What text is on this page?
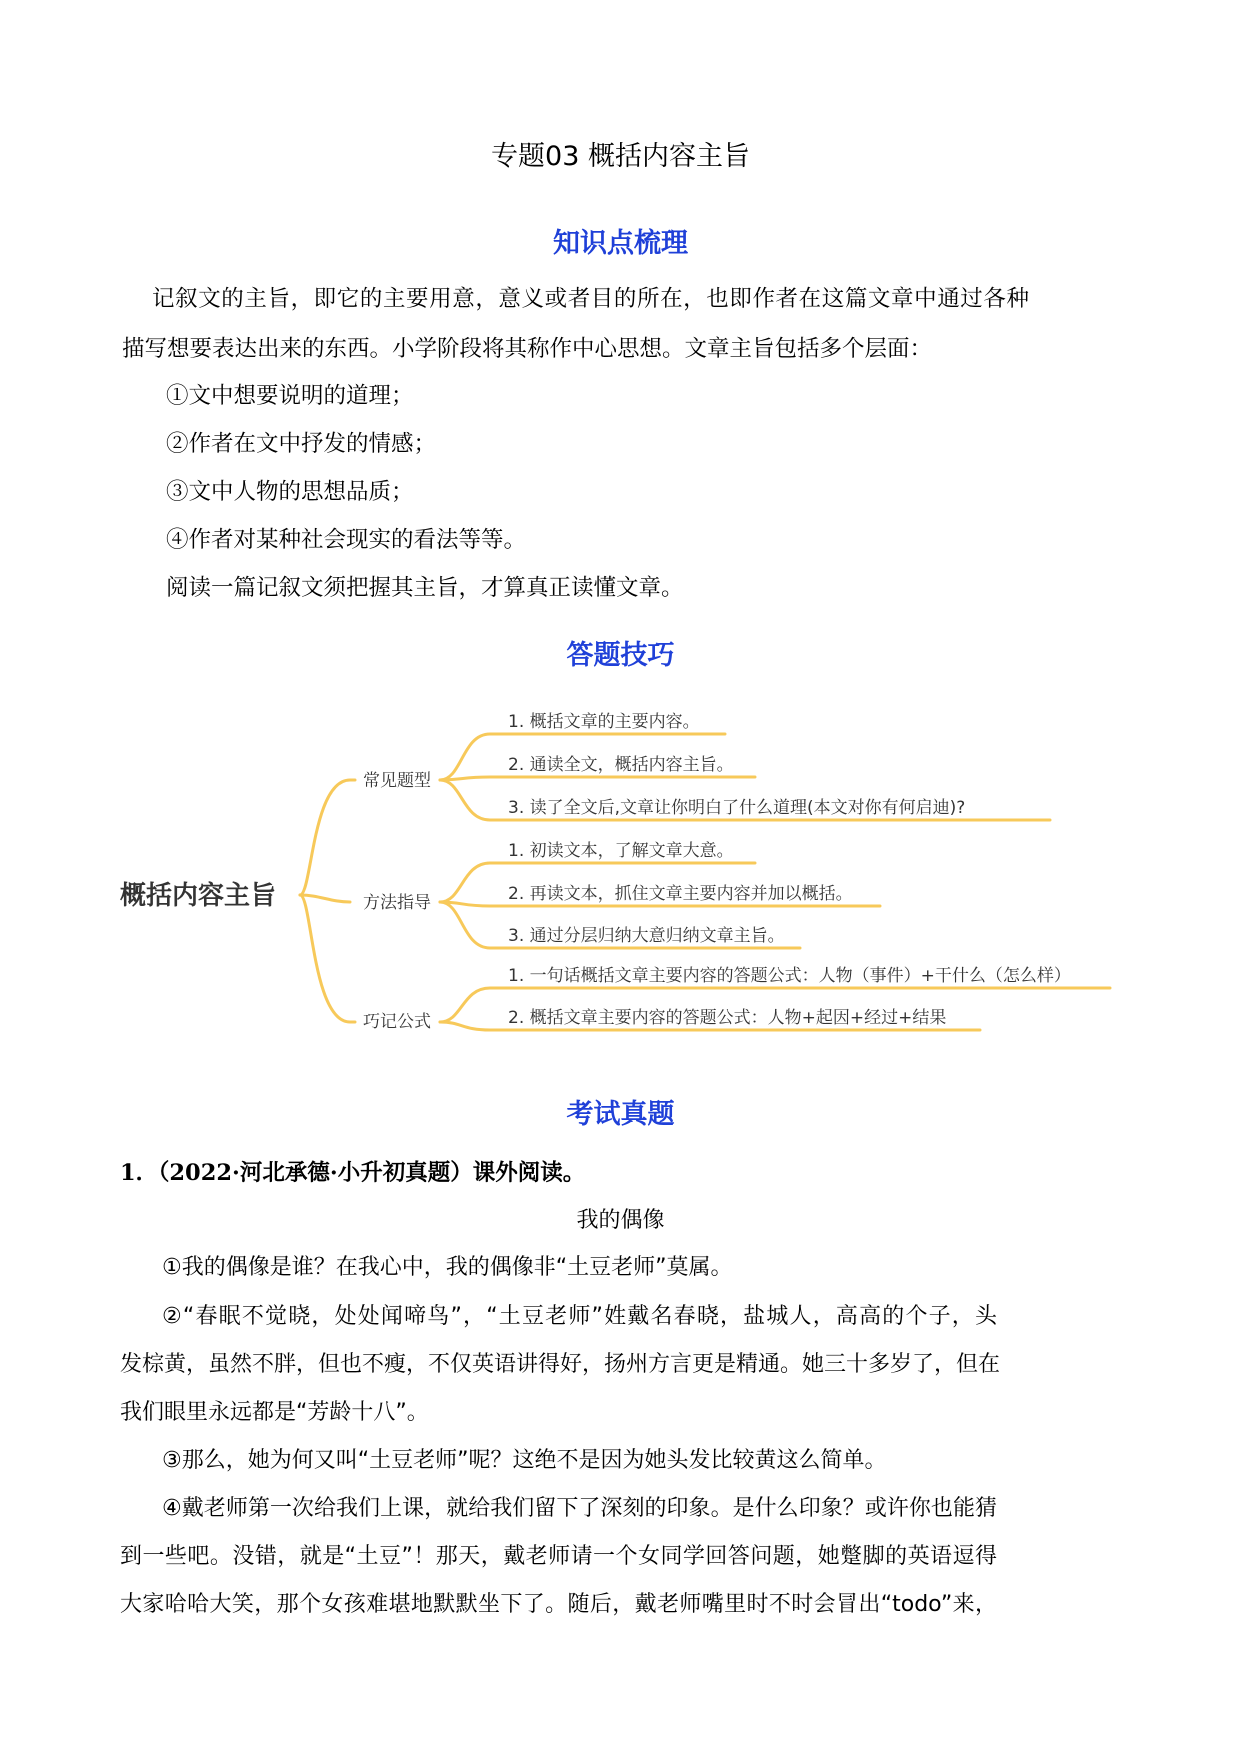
专题03 概括内容主旨
知识点梳理
记叙文的主旨，即它的主要用意，意义或者目的所在，也即作者在这篇文章中通过各种
描写想要表达出来的东西。小学阶段将其称作中心思想。文章主旨包括多个层面：
①文中想要说明的道理；
②作者在文中抒发的情感；
③文中人物的思想品质；
④作者对某种社会现实的看法等等。
阅读一篇记叙文须把握其主旨，才算真正读懂文章。
答题技巧
概括内容主旨
常见题型
方法指导
巧记公式
1. 概括文章的主要内容。
2. 通读全文，概括内容主旨。
3. 读了全文后,文章让你明白了什么道理(本文对你有何启迪)?
1. 初读文本，了解文章大意。
2. 再读文本，抓住文章主要内容并加以概括。
3. 通过分层归纳大意归纳文章主旨。
1. 一句话概括文章主要内容的答题公式：人物（事件）+干什么（怎么样）
2. 概括文章主要内容的答题公式：人物+起因+经过+结果
考试真题
1．（2022·河北承德·小升初真题）课外阅读。
我的偶像
①我的偶像是谁？在我心中，我的偶像非“土豆老师”莫属。
②“春眠不觉晓，处处闻啼鸟”，“土豆老师”姓戴名春晓，盐城人，高高的个子，头
发棕黄，虽然不胖，但也不瘦，不仅英语讲得好，扬州方言更是精通。她三十多岁了，但在
我们眼里永远都是“芳龄十八”。
③那么，她为何又叫“土豆老师”呢？这绝不是因为她头发比较黄这么简单。
④戴老师第一次给我们上课，就给我们留下了深刻的印象。是什么印象？或许你也能猜
到一些吧。没错，就是“土豆”！那天，戴老师请一个女同学回答问题，她蹩脚的英语逗得
大家哈哈大笑，那个女孩难堪地默默坐下了。随后，戴老师嘴里时不时会冒出“todo”来，
